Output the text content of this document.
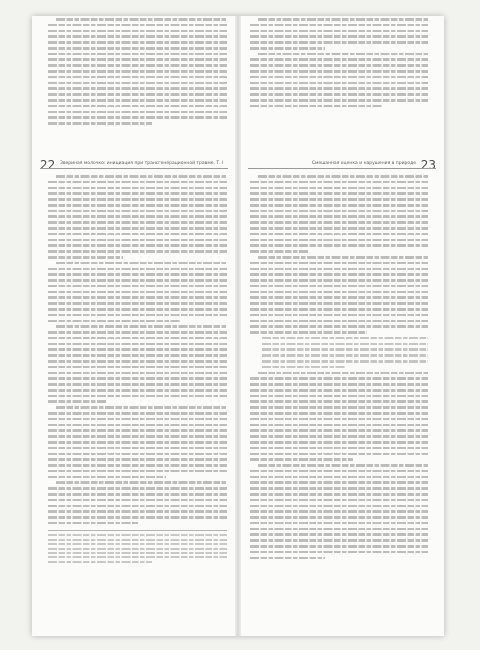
22 Звериная молочко: инициация при трансгенерационной травме. Т. I	23
Смешанная оценка и нарушения в природе
